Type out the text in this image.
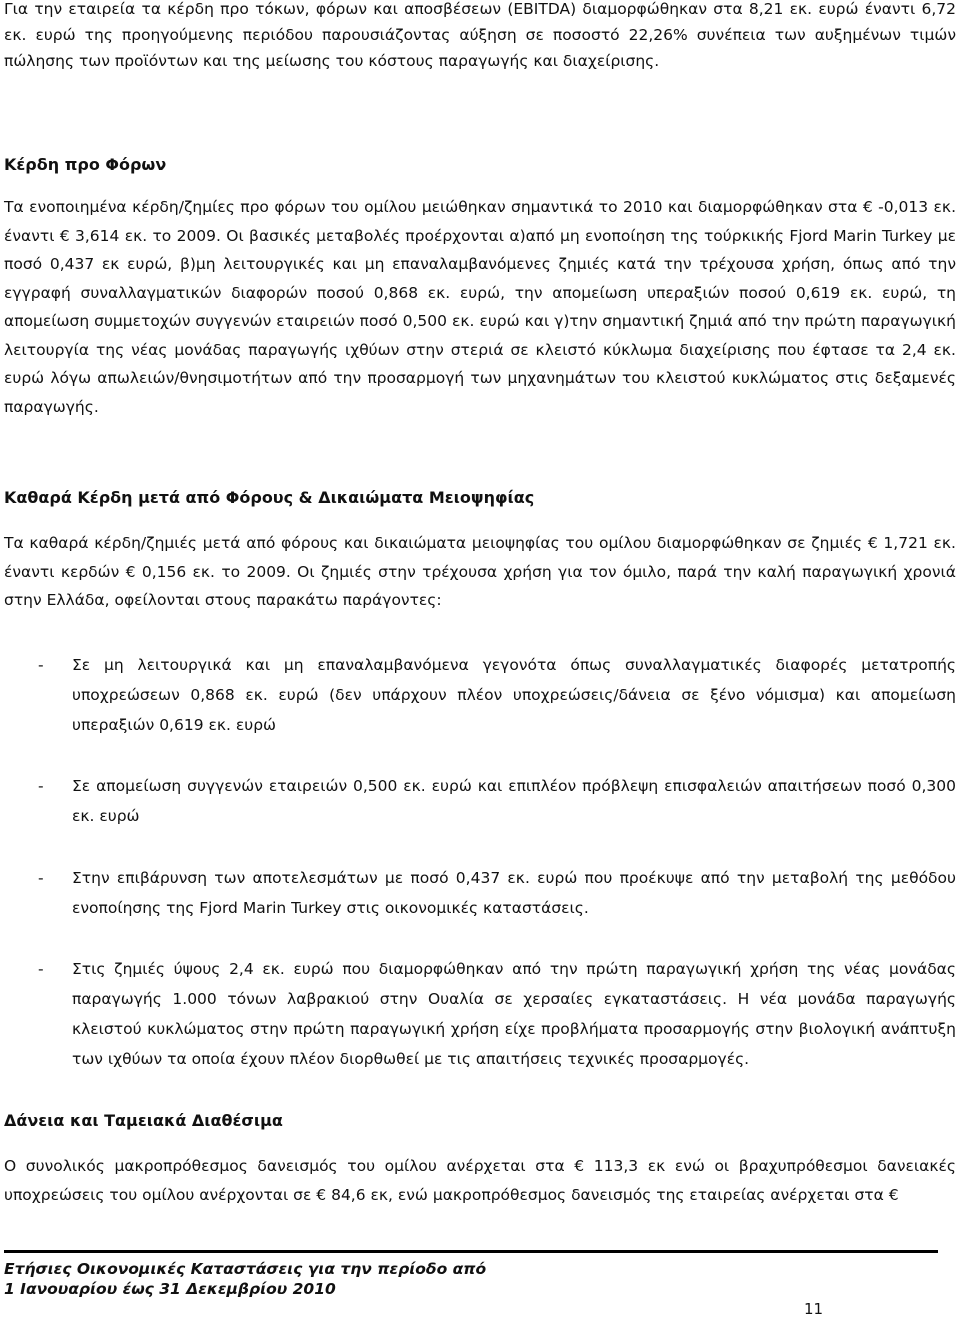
Για την εταιρεία τα κέρδη προ τόκων, φόρων και αποσβέσεων (EBITDA) διαμορφώθηκαν στα 8,21 εκ. ευρώ έναντι 6,72 εκ. ευρώ της προηγούμενης περιόδου παρουσιάζοντας αύξηση σε ποσοστό 22,26% συνέπεια των αυξημένων τιμών πώλησης των προϊόντων και της μείωσης του κόστους παραγωγής και διαχείρισης.

Κέρδη προ Φόρων

Τα ενοποιημένα κέρδη/ζημίες προ φόρων του ομίλου μειώθηκαν σημαντικά το 2010 και διαμορφώθηκαν στα € -0,013 εκ. έναντι € 3,614 εκ. το 2009. Οι βασικές μεταβολές προέρχονται α)από μη ενοποίηση της τούρκικής Fjord Marin Turkey με ποσό 0,437 εκ ευρώ, β)μη λειτουργικές και μη επαναλαμβανόμενες ζημιές κατά την τρέχουσα χρήση, όπως από την εγγραφή συναλλαγματικών διαφορών ποσού 0,868 εκ. ευρώ, την απομείωση υπεραξιών ποσού 0,619 εκ. ευρώ, τη απομείωση συμμετοχών συγγενών εταιρειών ποσό 0,500 εκ. ευρώ και γ)την σημαντική ζημιά από την πρώτη παραγωγική λειτουργία της νέας μονάδας παραγωγής ιχθύων στην στεριά σε κλειστό κύκλωμα διαχείρισης που έφτασε τα 2,4 εκ. ευρώ λόγω απωλειών/θνησιμοτήτων από την προσαρμογή των μηχανημάτων του κλειστού κυκλώματος στις δεξαμενές παραγωγής.

Καθαρά Κέρδη μετά από Φόρους & Δικαιώματα Μειοψηφίας

Τα καθαρά κέρδη/ζημιές μετά από φόρους και δικαιώματα μειοψηφίας του ομίλου διαμορφώθηκαν σε ζημιές € 1,721 εκ. έναντι κερδών € 0,156 εκ. το 2009. Οι ζημιές στην τρέχουσα χρήση για τον όμιλο, παρά την καλή παραγωγική χρονιά στην Ελλάδα, οφείλονται στους παρακάτω παράγοντες:

- Σε μη λειτουργικά και μη επαναλαμβανόμενα γεγονότα όπως συναλλαγματικές διαφορές μετατροπής υποχρεώσεων 0,868 εκ. ευρώ (δεν υπάρχουν πλέον υποχρεώσεις/δάνεια σε ξένο νόμισμα) και απομείωση υπεραξιών 0,619 εκ. ευρώ

- Σε απομείωση συγγενών εταιρειών 0,500 εκ. ευρώ και επιπλέον πρόβλεψη επισφαλειών απαιτήσεων ποσό 0,300 εκ. ευρώ

- Στην επιβάρυνση των αποτελεσμάτων με ποσό 0,437 εκ. ευρώ που προέκυψε από την μεταβολή της μεθόδου ενοποίησης της Fjord Marin Turkey στις οικονομικές καταστάσεις.

- Στις ζημιές ύψους 2,4 εκ. ευρώ που διαμορφώθηκαν από την πρώτη παραγωγική χρήση της νέας μονάδας παραγωγής 1.000 τόνων λαβρακιού στην Ουαλία σε χερσαίες εγκαταστάσεις. Η νέα μονάδα παραγωγής κλειστού κυκλώματος στην πρώτη παραγωγική χρήση είχε προβλήματα προσαρμογής στην βιολογική ανάπτυξη των ιχθύων τα οποία έχουν πλέον διορθωθεί με τις απαιτήσεις τεχνικές προσαρμογές.

Δάνεια και Ταμειακά Διαθέσιμα

Ο συνολικός μακροπρόθεσμος δανεισμός του ομίλου ανέρχεται στα € 113,3 εκ ενώ οι βραχυπρόθεσμοι δανειακές υποχρεώσεις του ομίλου ανέρχονται σε € 84,6 εκ, ενώ μακροπρόθεσμος δανεισμός της εταιρείας ανέρχεται στα €

Ετήσιες Οικονομικές Καταστάσεις για την περίοδο από
1 Ιανουαρίου έως 31 Δεκεμβρίου 2010
11
